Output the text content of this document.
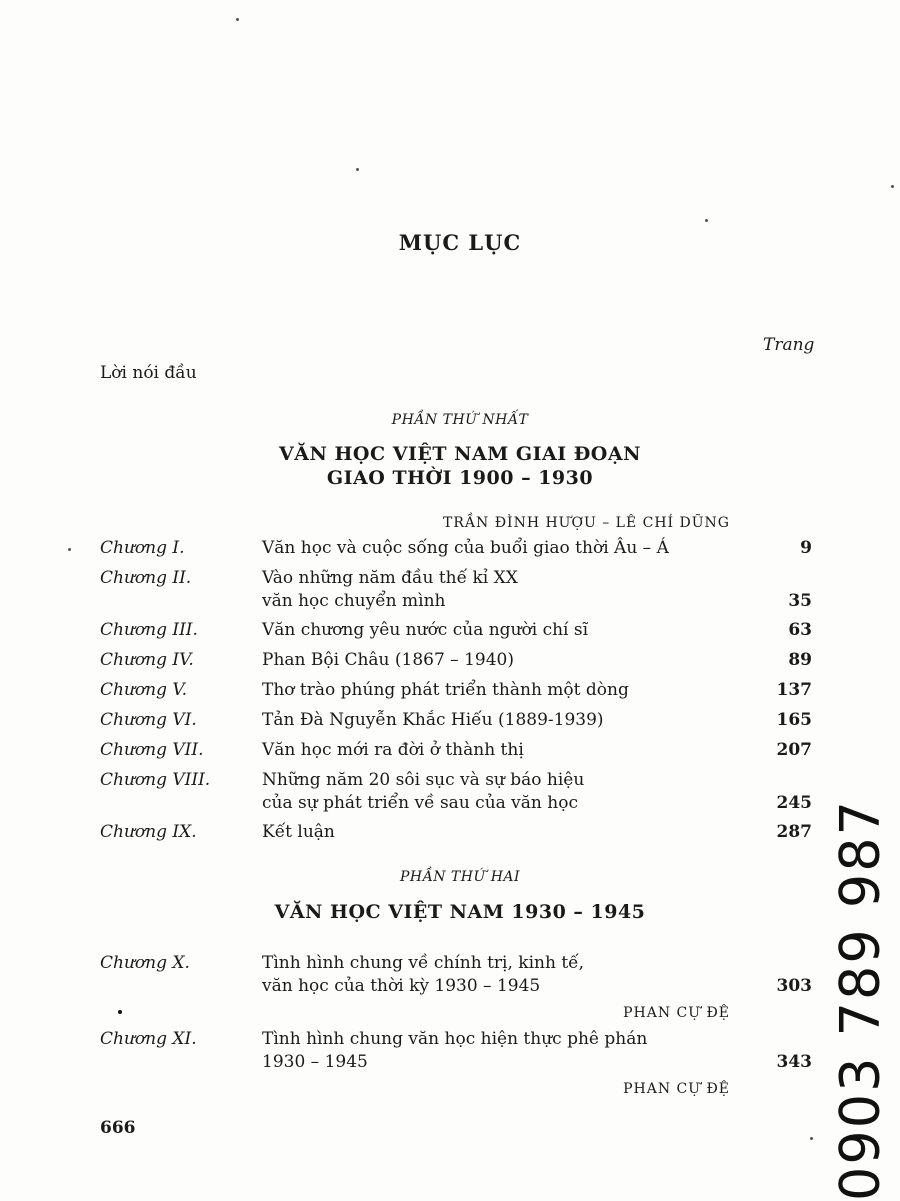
MỤC LỤC
Trang
Lời nói đầu
PHẦN THỨ NHẤT
VĂN HỌC VIỆT NAM GIAI ĐOẠN
GIAO THỜI 1900 – 1930
TRẦN ĐÌNH HƯỢU – LÊ CHÍ DŨNG
Chương I.	Văn học và cuộc sống của buổi giao thời Âu – Á	9
Chương II.	Vào những năm đầu thế kỉ XX
văn học chuyển mình	35
Chương III.	Văn chương yêu nước của người chí sĩ	63
Chương IV.	Phan Bội Châu (1867 – 1940)	89
Chương V.	Thơ trào phúng phát triển thành một dòng	137
Chương VI.	Tản Đà Nguyễn Khắc Hiếu (1889-1939)	165
Chương VII.	Văn học mới ra đời ở thành thị	207
Chương VIII.	Những năm 20 sôi sục và sự báo hiệu
của sự phát triển về sau của văn học	245
Chương IX.	Kết luận	287
PHẦN THỨ HAI
VĂN HỌC VIỆT NAM 1930 – 1945
Chương X.	Tình hình chung về chính trị, kinh tế,
văn học của thời kỳ 1930 – 1945	303
PHAN CỰ ĐỆ
Chương XI.	Tình hình chung văn học hiện thực phê phán
1930 – 1945	343
PHAN CỰ ĐỆ
666	0903 789 987
